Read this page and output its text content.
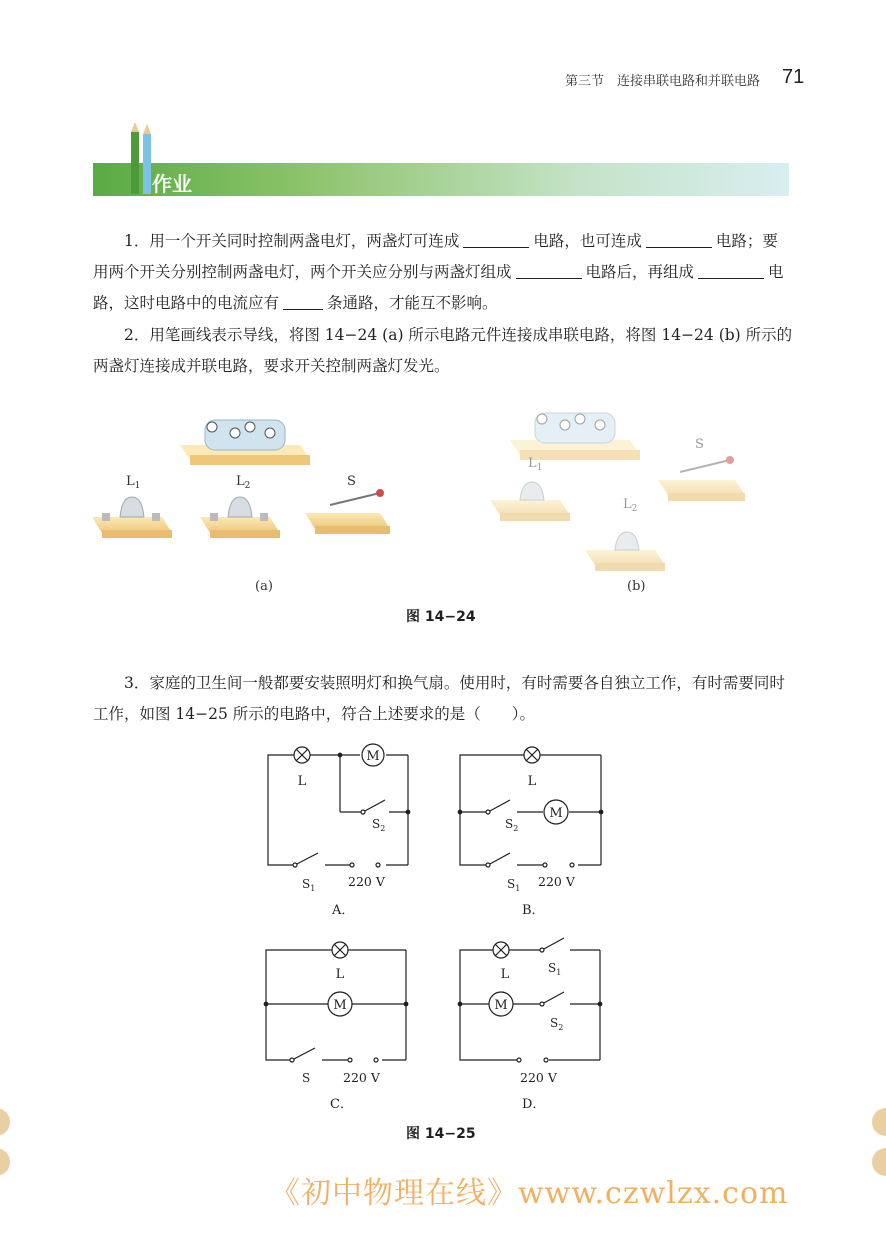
第三节　连接串联电路和并联电路 71
作业

1．用一个开关同时控制两盏电灯，两盏灯可连成	电路，也可连成	电路；要用两个开关分别控制两盏电灯，两个开关应分别与两盏灯组成	电路后，再组成	电路，这时电路中的电流应有	条通路，才能互不影响。

2．用笔画线表示导线，将图 14−24 (a) 所示电路元件连接成串联电路，将图 14−24 (b) 所示的两盏灯连接成并联电路，要求开关控制两盏灯发光。

$L_1$	$L_2$	S
(a)
$L_1$
$L_2$
S
(b)
图 14−24

3．家庭的卫生间一般都要安装照明灯和换气扇。使用时，有时需要各自独立工作，有时需要同时工作，如图 14−25 所示的电路中，符合上述要求的是（　　）。

M
L
$S_2$
$S_1$	220 V
A．
M
L
$S_2$
$S_1$ 220 V
B．
M
L
S	220 V
C．
M
L	$S_1$
$S_2$
220 V
D．
图 14−25
《初中物理在线》www.czwlzx.com
